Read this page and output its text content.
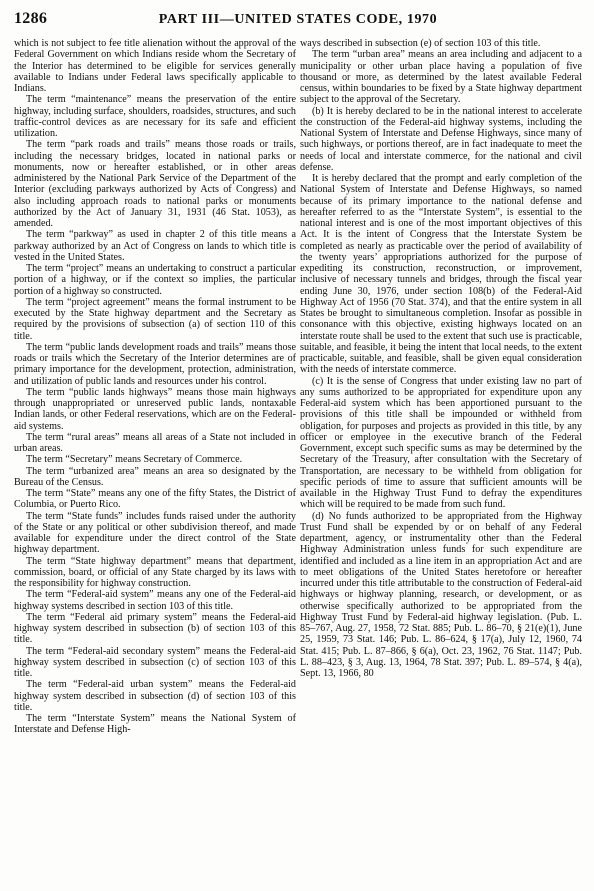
1286	PART III—UNITED STATES CODE, 1970

which is not subject to fee title alienation without the approval of the Federal Government on which Indians reside whom the Secretary of the Interior has determined to be eligible for services generally available to Indians under Federal laws specifically applicable to Indians.

The term “maintenance” means the preservation of the entire highway, including surface, shoulders, roadsides, structures, and such traffic-control devices as are necessary for its safe and efficient utilization.

The term “park roads and trails” means those roads or trails, including the necessary bridges, located in national parks or monuments, now or hereafter established, or in other areas administered by the National Park Service of the Department of the Interior (excluding parkways authorized by Acts of Congress) and also including approach roads to national parks or monuments authorized by the Act of January 31, 1931 (46 Stat. 1053), as amended.

The term “parkway” as used in chapter 2 of this title means a parkway authorized by an Act of Congress on lands to which title is vested in the United States.

The term “project” means an undertaking to construct a particular portion of a highway, or if the context so implies, the particular portion of a highway so constructed.

The term “project agreement” means the formal instrument to be executed by the State highway department and the Secretary as required by the provisions of subsection (a) of section 110 of this title.

The term “public lands development roads and trails” means those roads or trails which the Secretary of the Interior determines are of primary importance for the development, protection, administration, and utilization of public lands and resources under his control.

The term “public lands highways” means those main highways through unappropriated or unreserved public lands, nontaxable Indian lands, or other Federal reservations, which are on the Federal-aid systems.

The term “rural areas” means all areas of a State not included in urban areas.

The term “Secretary” means Secretary of Commerce.

The term “urbanized area” means an area so designated by the Bureau of the Census.

The term “State” means any one of the fifty States, the District of Columbia, or Puerto Rico.

The term “State funds” includes funds raised under the authority of the State or any political or other subdivision thereof, and made available for expenditure under the direct control of the State highway department.

The term “State highway department” means that department, commission, board, or official of any State charged by its laws with the responsibility for highway construction.

The term “Federal-aid system” means any one of the Federal-aid highway systems described in section 103 of this title.

The term “Federal aid primary system” means the Federal-aid highway system described in subsection (b) of section 103 of this title.

The term “Federal-aid secondary system” means the Federal-aid highway system described in subsection (c) of section 103 of this title.

The term “Federal-aid urban system” means the Federal-aid highway system described in subsection (d) of section 103 of this title.

The term “Interstate System” means the National System of Interstate and Defense High-

ways described in subsection (e) of section 103 of this title.

The term “urban area” means an area including and adjacent to a municipality or other urban place having a population of five thousand or more, as determined by the latest available Federal census, within boundaries to be fixed by a State highway department subject to the approval of the Secretary.

(b) It is hereby declared to be in the national interest to accelerate the construction of the Federal-aid highway systems, including the National System of Interstate and Defense Highways, since many of such highways, or portions thereof, are in fact inadequate to meet the needs of local and interstate commerce, for the national and civil defense.

It is hereby declared that the prompt and early completion of the National System of Interstate and Defense Highways, so named because of its primary importance to the national defense and hereafter referred to as the “Interstate System”, is essential to the national interest and is one of the most important objectives of this Act. It is the intent of Congress that the Interstate System be completed as nearly as practicable over the period of availability of the twenty years’ appropriations authorized for the purpose of expediting its construction, reconstruction, or improvement, inclusive of necessary tunnels and bridges, through the fiscal year ending June 30, 1976, under section 108(b) of the Federal-Aid Highway Act of 1956 (70 Stat. 374), and that the entire system in all States be brought to simultaneous completion. Insofar as possible in consonance with this objective, existing highways located on an interstate route shall be used to the extent that such use is practicable, suitable, and feasible, it being the intent that local needs, to the extent practicable, suitable, and feasible, shall be given equal consideration with the needs of interstate commerce.

(c) It is the sense of Congress that under existing law no part of any sums authorized to be appropriated for expenditure upon any Federal-aid system which has been apportioned pursuant to the provisions of this title shall be impounded or withheld from obligation, for purposes and projects as provided in this title, by any officer or employee in the executive branch of the Federal Government, except such specific sums as may be determined by the Secretary of the Treasury, after consultation with the Secretary of Transportation, are necessary to be withheld from obligation for specific periods of time to assure that sufficient amounts will be available in the Highway Trust Fund to defray the expenditures which will be required to be made from such fund.

(d) No funds authorized to be appropriated from the Highway Trust Fund shall be expended by or on behalf of any Federal department, agency, or instrumentality other than the Federal Highway Administration unless funds for such expenditure are identified and included as a line item in an appropriation Act and are to meet obligations of the United States heretofore or hereafter incurred under this title attributable to the construction of Federal-aid highways or highway planning, research, or development, or as otherwise specifically authorized to be appropriated from the Highway Trust Fund by Federal-aid highway legislation. (Pub. L. 85–767, Aug. 27, 1958, 72 Stat. 885; Pub. L. 86–70, § 21(e)(1), June 25, 1959, 73 Stat. 146; Pub. L. 86–624, § 17(a), July 12, 1960, 74 Stat. 415; Pub. L. 87–866, § 6(a), Oct. 23, 1962, 76 Stat. 1147; Pub. L. 88–423, § 3, Aug. 13, 1964, 78 Stat. 397; Pub. L. 89–574, § 4(a), Sept. 13, 1966, 80
